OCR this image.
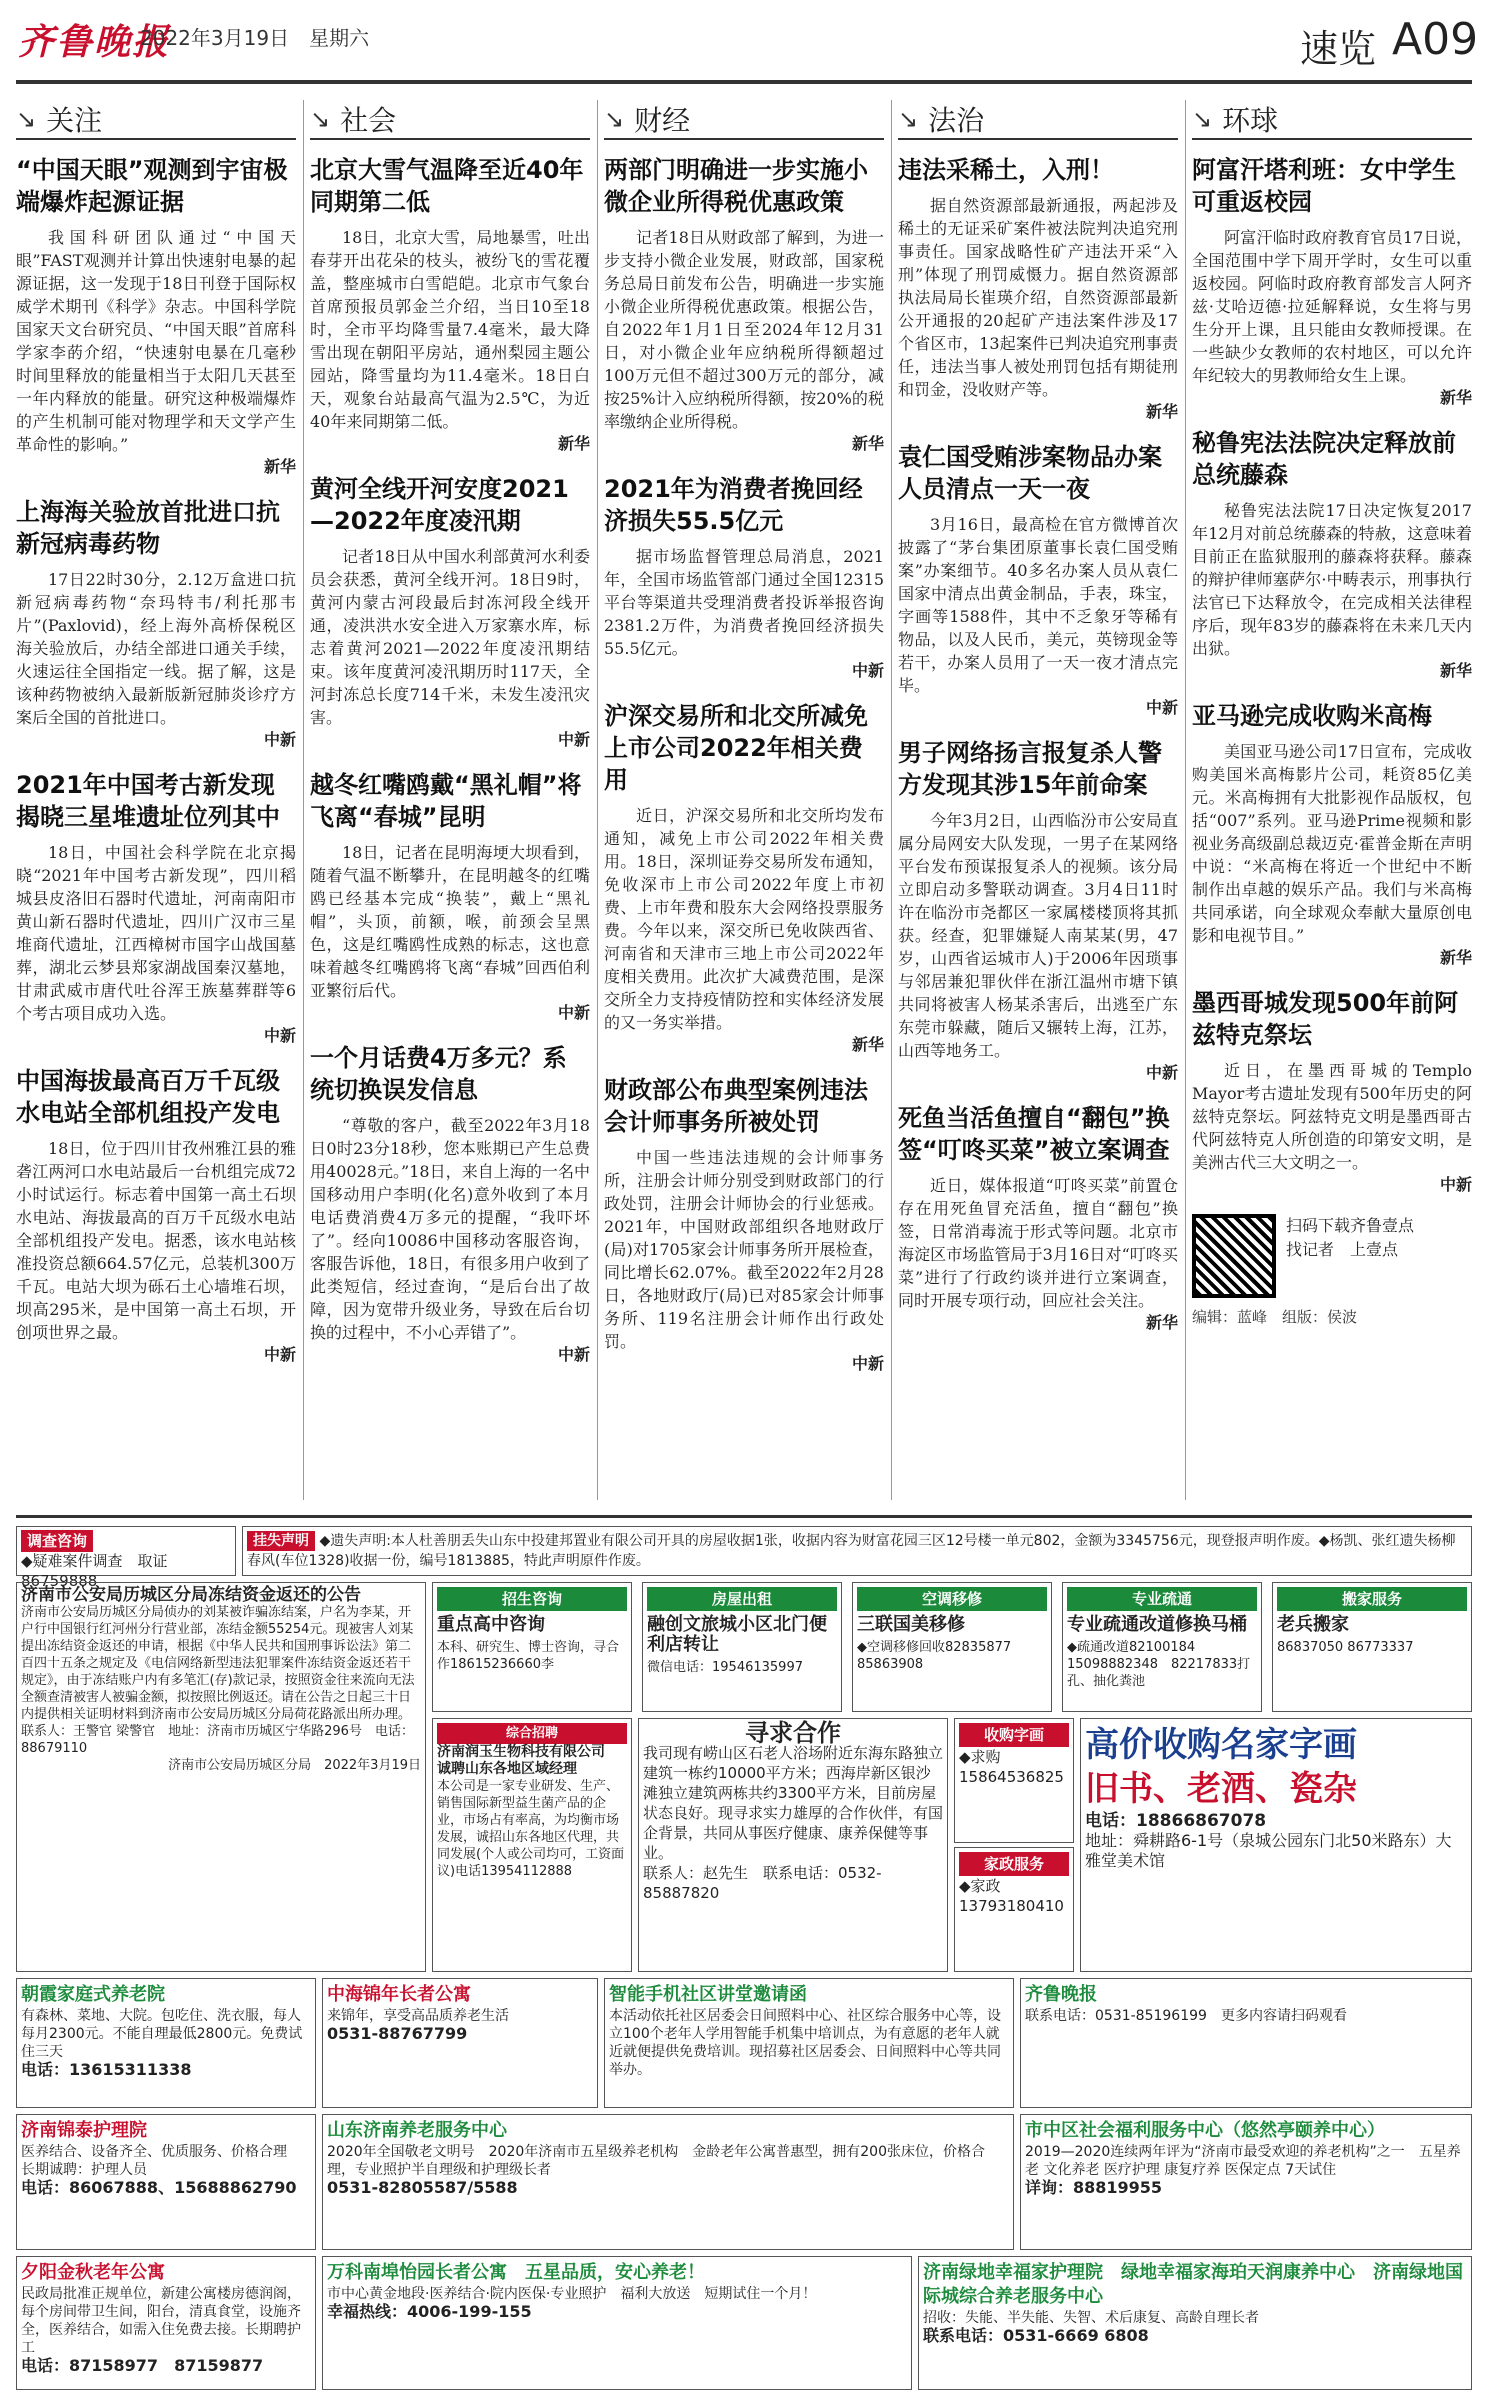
齐鲁晚报
2022年3月19日　星期六	速览 A09
↘ 关注
“中国天眼”观测到宇宙极端爆炸起源证据
我国科研团队通过“中国天眼”FAST观测并计算出快速射电暴的起源证据，这一发现于18日刊登于国际权威学术期刊《科学》杂志。中国科学院国家天文台研究员、“中国天眼”首席科学家李菂介绍，“快速射电暴在几毫秒时间里释放的能量相当于太阳几天甚至一年内释放的能量。研究这种极端爆炸的产生机制可能对物理学和天文学产生革命性的影响。”
新华
上海海关验放首批进口抗新冠病毒药物
17日22时30分，2.12万盒进口抗新冠病毒药物“奈玛特韦/利托那韦片”(Paxlovid)，经上海外高桥保税区海关验放后，办结全部进口通关手续，火速运往全国指定一线。据了解，这是该种药物被纳入最新版新冠肺炎诊疗方案后全国的首批进口。
中新
2021年中国考古新发现揭晓三星堆遗址位列其中
18日，中国社会科学院在北京揭晓“2021年中国考古新发现”，四川稻城县皮洛旧石器时代遗址，河南南阳市黄山新石器时代遗址，四川广汉市三星堆商代遗址，江西樟树市国字山战国墓葬，湖北云梦县郑家湖战国秦汉墓地，甘肃武威市唐代吐谷浑王族墓葬群等6个考古项目成功入选。
中新
中国海拔最高百万千瓦级水电站全部机组投产发电
18日，位于四川甘孜州雅江县的雅砻江两河口水电站最后一台机组完成72小时试运行。标志着中国第一高土石坝水电站、海拔最高的百万千瓦级水电站全部机组投产发电。据悉，该水电站核准投资总额664.57亿元，总装机300万千瓦。电站大坝为砾石土心墙堆石坝，坝高295米，是中国第一高土石坝，开创项世界之最。
中新
↘ 社会
北京大雪气温降至近40年同期第二低
18日，北京大雪，局地暴雪，吐出春芽开出花朵的枝头，被纷飞的雪花覆盖，整座城市白雪皑皑。北京市气象台首席预报员郭金兰介绍，当日10至18时，全市平均降雪量7.4毫米，最大降雪出现在朝阳平房站，通州梨园主题公园站，降雪量均为11.4毫米。18日白天，观象台站最高气温为2.5℃，为近40年来同期第二低。
新华
黄河全线开河安度2021—2022年度凌汛期
记者18日从中国水利部黄河水利委员会获悉，黄河全线开河。18日9时，黄河内蒙古河段最后封冻河段全线开通，凌洪洪水安全进入万家寨水库，标志着黄河2021—2022年度凌汛期结束。该年度黄河凌汛期历时117天，全河封冻总长度714千米，未发生凌汛灾害。
中新
越冬红嘴鸥戴“黑礼帽”将飞离“春城”昆明
18日，记者在昆明海埂大坝看到，随着气温不断攀升，在昆明越冬的红嘴鸥已经基本完成“换装”，戴上“黑礼帽”，头顶，前额，喉，前颈会呈黑色，这是红嘴鸥性成熟的标志，这也意味着越冬红嘴鸥将飞离“春城”回西伯利亚繁衍后代。
中新
一个月话费4万多元？系统切换误发信息
“尊敬的客户，截至2022年3月18日0时23分18秒，您本账期已产生总费用40028元。”18日，来自上海的一名中国移动用户李明(化名)意外收到了本月电话费消费4万多元的提醒，“我吓坏了”。经向10086中国移动客服咨询，客服告诉他，18日，有很多用户收到了此类短信，经过查询，“是后台出了故障，因为宽带升级业务，导致在后台切换的过程中，不小心弄错了”。
中新
↘ 财经
两部门明确进一步实施小微企业所得税优惠政策
记者18日从财政部了解到，为进一步支持小微企业发展，财政部，国家税务总局日前发布公告，明确进一步实施小微企业所得税优惠政策。根据公告，自2022年1月1日至2024年12月31日，对小微企业年应纳税所得额超过100万元但不超过300万元的部分，减按25%计入应纳税所得额，按20%的税率缴纳企业所得税。
新华
2021年为消费者挽回经济损失55.5亿元
据市场监督管理总局消息，2021年，全国市场监管部门通过全国12315平台等渠道共受理消费者投诉举报咨询2381.2万件，为消费者挽回经济损失55.5亿元。
中新
沪深交易所和北交所减免上市公司2022年相关费用
近日，沪深交易所和北交所均发布通知，减免上市公司2022年相关费用。18日，深圳证券交易所发布通知，免收深市上市公司2022年度上市初费、上市年费和股东大会网络投票服务费。今年以来，深交所已免收陕西省、河南省和天津市三地上市公司2022年度相关费用。此次扩大减费范围，是深交所全力支持疫情防控和实体经济发展的又一务实举措。
新华
财政部公布典型案例违法会计师事务所被处罚
中国一些违法违规的会计师事务所，注册会计师分别受到财政部门的行政处罚，注册会计师协会的行业惩戒。2021年，中国财政部组织各地财政厅(局)对1705家会计师事务所开展检查，同比增长62.07%。截至2022年2月28日，各地财政厅(局)已对85家会计师事务所、119名注册会计师作出行政处罚。
中新
↘ 法治
违法采稀土，入刑！
据自然资源部最新通报，两起涉及稀土的无证采矿案件被法院判决追究刑事责任。国家战略性矿产违法开采“入刑”体现了刑罚威慑力。据自然资源部执法局局长崔瑛介绍，自然资源部最新公开通报的20起矿产违法案件涉及17个省区市，13起案件已判决追究刑事责任，违法当事人被处刑罚包括有期徒刑和罚金，没收财产等。
新华
袁仁国受贿涉案物品办案人员清点一天一夜
3月16日，最高检在官方微博首次披露了“茅台集团原董事长袁仁国受贿案”办案细节。40多名办案人员从袁仁国家中清点出黄金制品，手表，珠宝，字画等1588件，其中不乏象牙等稀有物品，以及人民币，美元，英镑现金等若干，办案人员用了一天一夜才清点完毕。
中新
男子网络扬言报复杀人警方发现其涉15年前命案
今年3月2日，山西临汾市公安局直属分局网安大队发现，一男子在某网络平台发布预谋报复杀人的视频。该分局立即启动多警联动调查。3月4日11时许在临汾市尧都区一家属楼楼顶将其抓获。经查，犯罪嫌疑人南某某(男，47岁，山西省运城市人)于2006年因琐事与邻居兼犯罪伙伴在浙江温州市塘下镇共同将被害人杨某杀害后，出逃至广东东莞市躲藏，随后又辗转上海，江苏，山西等地务工。
中新
死鱼当活鱼擅自“翻包”换签“叮咚买菜”被立案调查
近日，媒体报道“叮咚买菜”前置仓存在用死鱼冒充活鱼，擅自“翻包”换签，日常消毒流于形式等问题。北京市海淀区市场监管局于3月16日对“叮咚买菜”进行了行政约谈并进行立案调查，同时开展专项行动，回应社会关注。
新华
↘ 环球
阿富汗塔利班：女中学生可重返校园
阿富汗临时政府教育官员17日说，全国范围中学下周开学时，女生可以重返校园。阿临时政府教育部发言人阿齐兹·艾哈迈德·拉延解释说，女生将与男生分开上课，且只能由女教师授课。在一些缺少女教师的农村地区，可以允许年纪较大的男教师给女生上课。
新华
秘鲁宪法法院决定释放前总统藤森
秘鲁宪法法院17日决定恢复2017年12月对前总统藤森的特赦，这意味着目前正在监狱服刑的藤森将获释。藤森的辩护律师塞萨尔·中畴表示，刑事执行法官已下达释放令，在完成相关法律程序后，现年83岁的藤森将在未来几天内出狱。
新华
亚马逊完成收购米高梅
美国亚马逊公司17日宣布，完成收购美国米高梅影片公司，耗资85亿美元。米高梅拥有大批影视作品版权，包括“007”系列。亚马逊Prime视频和影视业务高级副总裁迈克·霍普金斯在声明中说：“米高梅在将近一个世纪中不断制作出卓越的娱乐产品。我们与米高梅共同承诺，向全球观众奉献大量原创电影和电视节目。”
新华
墨西哥城发现500年前阿兹特克祭坛
近日，在墨西哥城的Templo Mayor考古遗址发现有500年历史的阿兹特克祭坛。阿兹特克文明是墨西哥古代阿兹特克人所创造的印第安文明，是美洲古代三大文明之一。
中新
扫码下载齐鲁壹点
找记者　上壹点
编辑：蓝峰　组版：侯波
调查咨询
◆疑难案件调查　取证86759888
挂失声明 ◆遗失声明:本人杜善朋丢失山东中投建邦置业有限公司开具的房屋收据1张，收据内容为财富花园三区12号楼一单元802，金额为3345756元，现登报声明作废。◆杨凯、张红遗失杨柳春风(车位1328)收据一份，编号1813885，特此声明原件作废。
济南市公安局历城区分局冻结资金返还的公告
济南市公安局历城区分局侦办的刘某被诈骗冻结案，户名为李某，开户行中国银行红河州分行营业部，冻结金额55254元。现被害人刘某提出冻结资金返还的申请，根据《中华人民共和国刑事诉讼法》第二百四十五条之规定及《电信网络新型违法犯罪案件冻结资金返还若干规定》，由于冻结账户内有多笔汇(存)款记录，按照资金往来流向无法全额查清被害人被骗金额，拟按照比例返还。请在公告之日起三十日内提供相关证明材料到济南市公安局历城区分局荷花路派出所办理。
联系人：王警官 梁警官　地址：济南市历城区宁华路296号　电话：88679110
济南市公安局历城区分局　2022年3月19日
招生咨询
重点高中咨询
本科、研究生、博士咨询，寻合作18615236660李
房屋出租
融创文旅城小区北门便利店转让
微信电话：19546135997
空调移修
三联国美移修
◆空调移修回收82835877　85863908
专业疏通
专业疏通改道修换马桶
◆疏通改道82100184　15098882348　82217833打孔、抽化粪池
搬家服务
老兵搬家
86837050 86773337
综合招聘
济南润玉生物科技有限公司
诚聘山东各地区域经理
本公司是一家专业研发、生产、销售国际新型益生菌产品的企业，市场占有率高，为均衡市场发展，诚招山东各地区代理，共同发展(个人或公司均可，工资面议)电话13954112888
寻求合作
我司现有崂山区石老人浴场附近东海东路独立建筑一栋约10000平方米；西海岸新区银沙滩独立建筑两栋共约3300平方米，目前房屋状态良好。现寻求实力雄厚的合作伙伴，有国企背景，共同从事医疗健康、康养保健等事业。
联系人：赵先生　联系电话：0532-85887820
收购字画
◆求购 15864536825
家政服务
◆家政 13793180410
高价收购名家字画
旧书、老酒、瓷杂
电话：18866867078
地址：舜耕路6-1号（泉城公园东门北50米路东）大雅堂美术馆
朝霞家庭式养老院
有森林、菜地、大院。包吃住、洗衣服，每人每月2300元。不能自理最低2800元。免费试住三天
电话：13615311338
中海锦年长者公寓
来锦年，享受高品质养老生活
0531-88767799
智能手机社区讲堂邀请函
本活动依托社区居委会日间照料中心、社区综合服务中心等，设立100个老年人学用智能手机集中培训点，为有意愿的老年人就近就便提供免费培训。现招募社区居委会、日间照料中心等共同举办。
齐鲁晚报
联系电话：0531-85196199　更多内容请扫码观看
济南锦泰护理院
医养结合、设备齐全、优质服务、价格合理　长期诚聘：护理人员
电话：86067888、15688862790
山东济南养老服务中心
2020年全国敬老文明号　2020年济南市五星级养老机构　金龄老年公寓普惠型，拥有200张床位，价格合理，专业照护半自理级和护理级长者
0531-82805587/5588
市中区社会福利服务中心（悠然亭颐养中心）
2019—2020连续两年评为“济南市最受欢迎的养老机构”之一　五星养老 文化养老 医疗护理 康复疗养 医保定点 7天试住
详询：88819955
夕阳金秋老年公寓
民政局批准正规单位，新建公寓楼房德润阁，每个房间带卫生间，阳台，清真食堂，设施齐全，医养结合，如需入住免费去接。长期聘护工
电话：87158977　87159877
万科南埠怡园长者公寓　五星品质，安心养老！
市中心黄金地段·医养结合·院内医保·专业照护　福利大放送　短期试住一个月！
幸福热线：4006-199-155
济南绿地幸福家护理院　绿地幸福家海珀天润康养中心　济南绿地国际城综合养老服务中心
招收：失能、半失能、失智、术后康复、高龄自理长者
联系电话：0531-6669 6808
